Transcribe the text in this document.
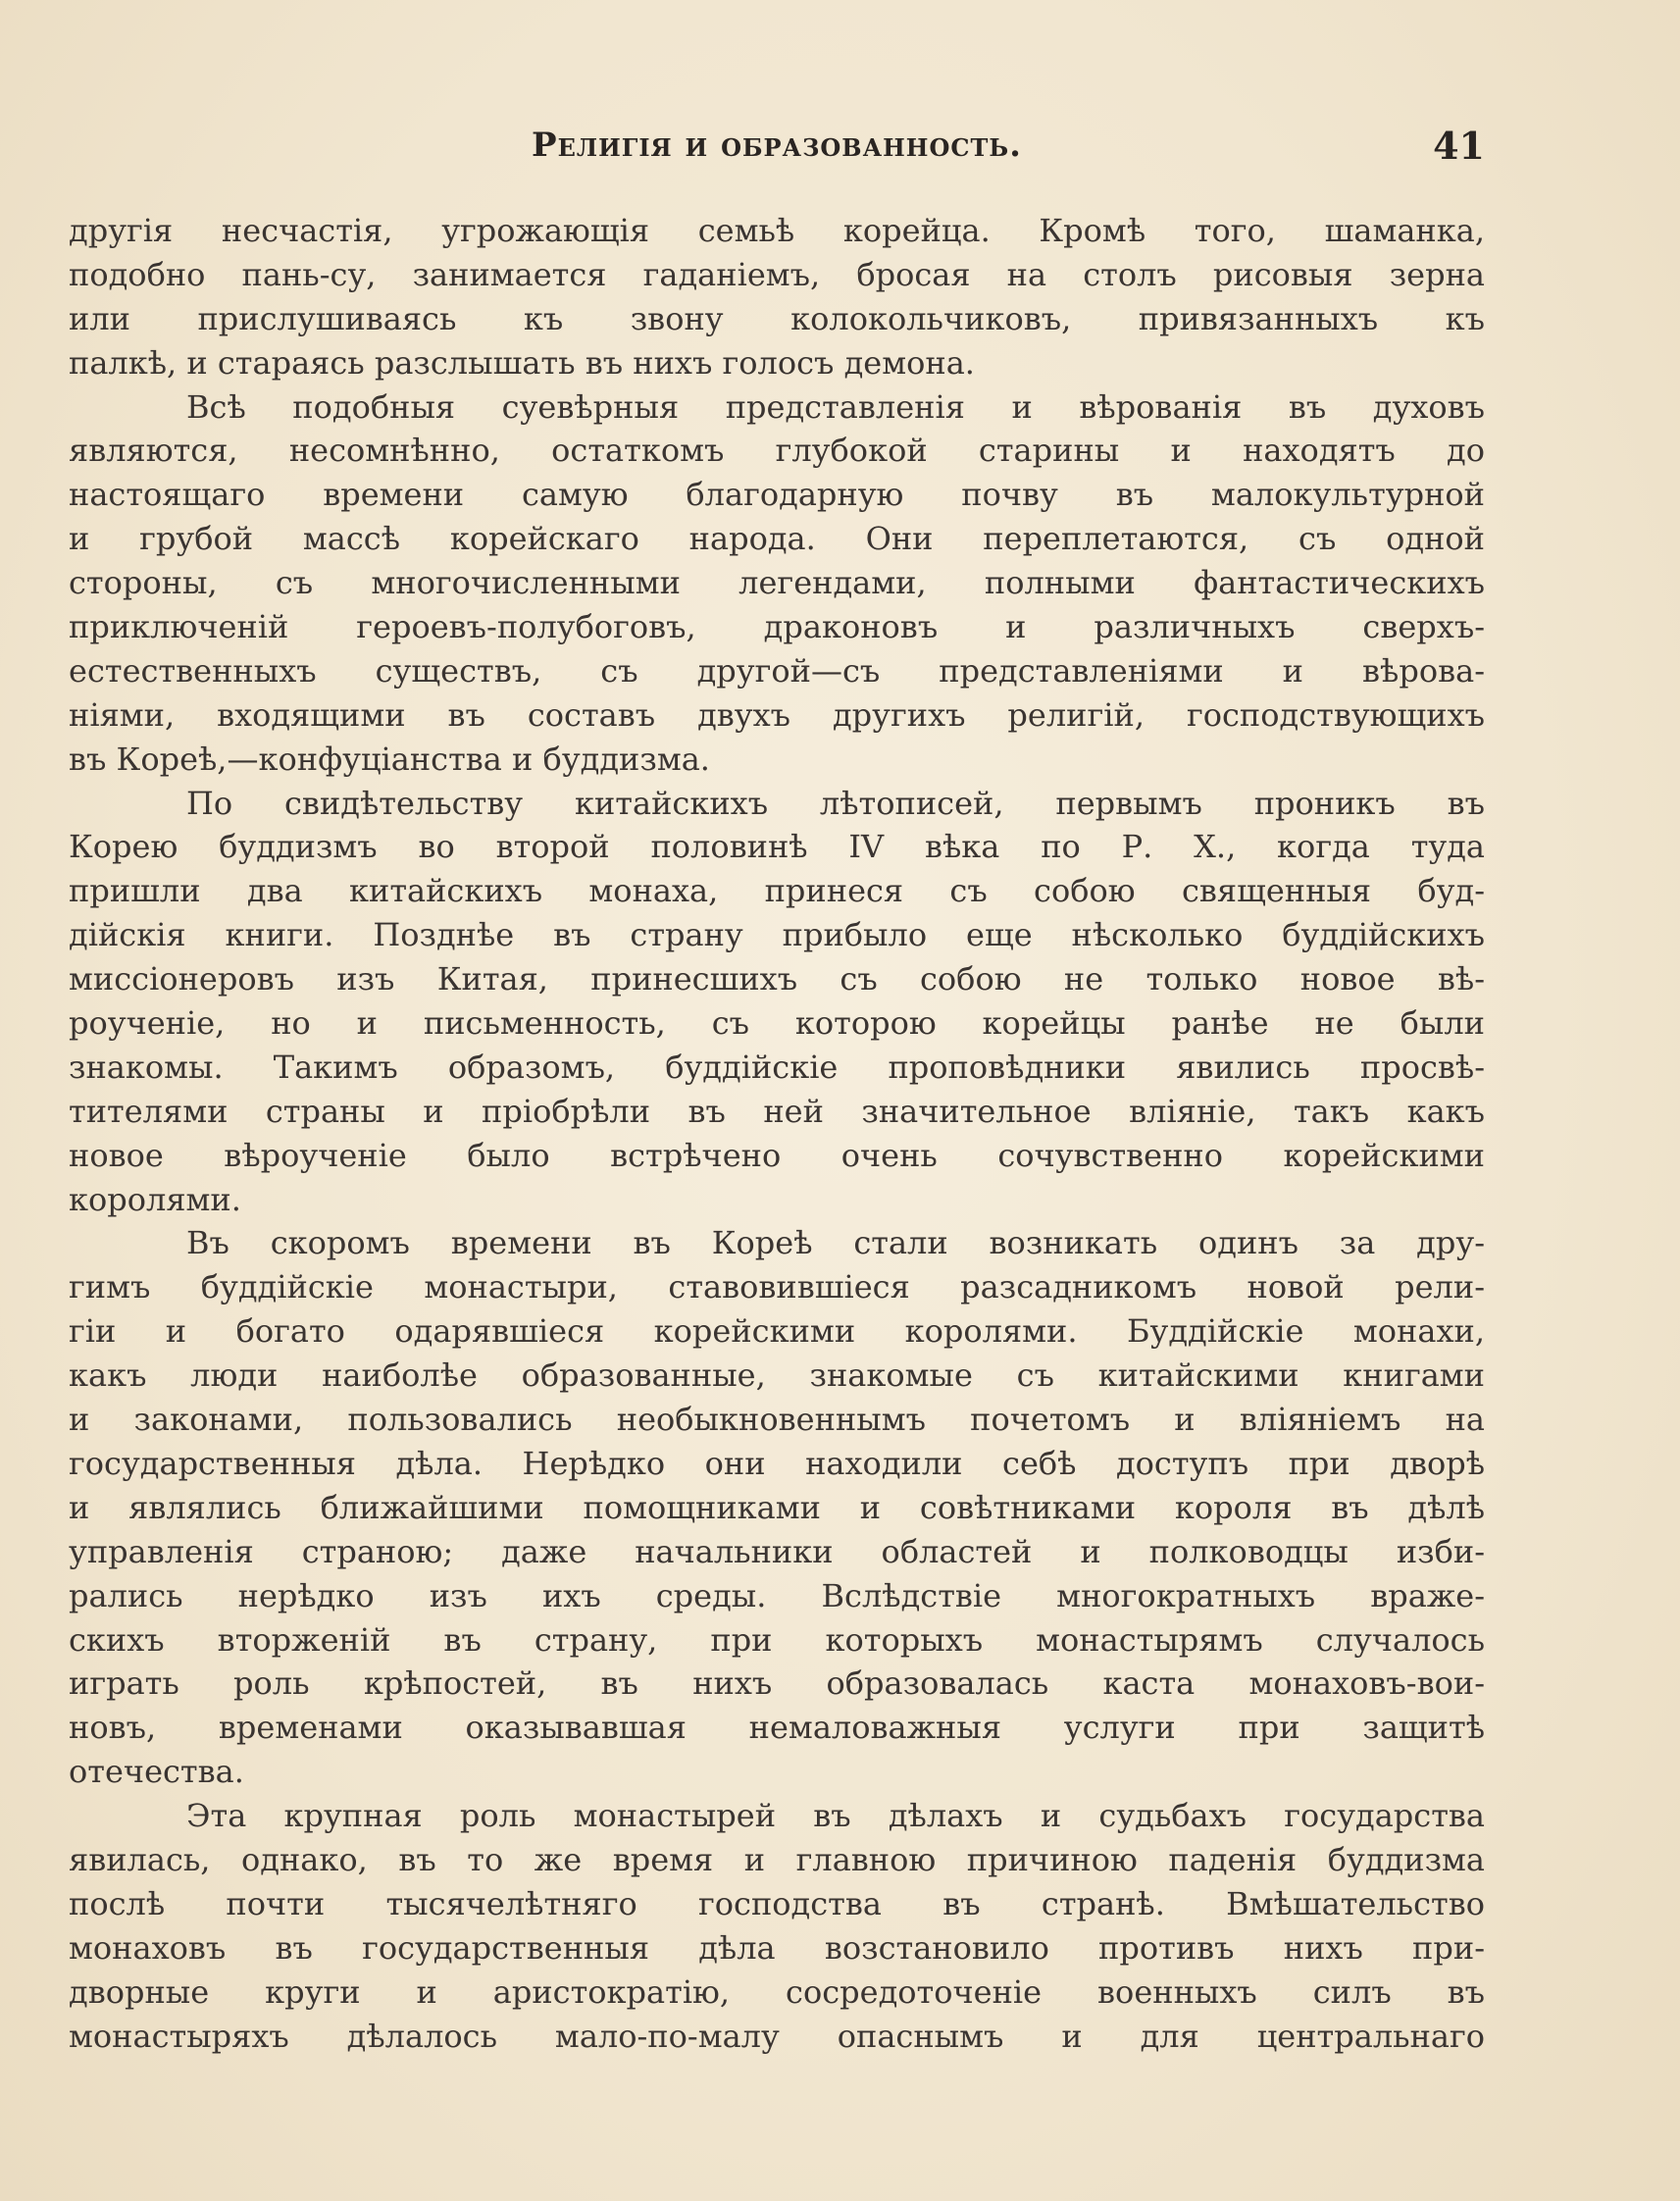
Религія и образованность.	41
другія несчастія, угрожающія семьѣ корейца. Кромѣ того, шаманка,
подобно пань-су, занимается гаданіемъ, бросая на столъ рисовыя зерна
или прислушиваясь къ звону колокольчиковъ, привязанныхъ къ
палкѣ, и стараясь разслышать въ нихъ голосъ демона.
Всѣ подобныя суевѣрныя представленія и вѣрованія въ духовъ
являются, несомнѣнно, остаткомъ глубокой старины и находятъ до
настоящаго времени самую благодарную почву въ малокультурной
и грубой массѣ корейскаго народа. Они переплетаются, съ одной
стороны, съ многочисленными легендами, полными фантастическихъ
приключеній героевъ-полубоговъ, драконовъ и различныхъ сверхъ-
естественныхъ существъ, съ другой—съ представленіями и вѣрова-
ніями, входящими въ составъ двухъ другихъ религій, господствующихъ
въ Кореѣ,—конфуціанства и буддизма.
По свидѣтельству китайскихъ лѣтописей, первымъ проникъ въ
Корею буддизмъ во второй половинѣ IV вѣка по Р. Х., когда туда
пришли два китайскихъ монаха, принеся съ собою священныя буд-
дійскія книги. Позднѣе въ страну прибыло еще нѣсколько буддійскихъ
миссіонеровъ изъ Китая, принесшихъ съ собою не только новое вѣ-
роученіе, но и письменность, съ которою корейцы ранѣе не были
знакомы. Такимъ образомъ, буддійскіе проповѣдники явились просвѣ-
тителями страны и пріобрѣли въ ней значительное вліяніе, такъ какъ
новое вѣроученіе было встрѣчено очень сочувственно корейскими
королями.
Въ скоромъ времени въ Кореѣ стали возникать одинъ за дру-
гимъ буддійскіе монастыри, ставовившіеся разсадникомъ новой рели-
гіи и богато одарявшіеся корейскими королями. Буддійскіе монахи,
какъ люди наиболѣе образованные, знакомые съ китайскими книгами
и законами, пользовались необыкновеннымъ почетомъ и вліяніемъ на
государственныя дѣла. Нерѣдко они находили себѣ доступъ при дворѣ
и являлись ближайшими помощниками и совѣтниками короля въ дѣлѣ
управленія страною; даже начальники областей и полководцы изби-
рались нерѣдко изъ ихъ среды. Вслѣдствіе многократныхъ враже-
скихъ вторженій въ страну, при которыхъ монастырямъ случалось
играть роль крѣпостей, въ нихъ образовалась каста монаховъ-вои-
новъ, временами оказывавшая немаловажныя услуги при защитѣ
отечества.
Эта крупная роль монастырей въ дѣлахъ и судьбахъ государства
явилась, однако, въ то же время и главною причиною паденія буддизма
послѣ почти тысячелѣтняго господства въ странѣ. Вмѣшательство
монаховъ въ государственныя дѣла возстановило противъ нихъ при-
дворные круги и аристократію, сосредоточеніе военныхъ силъ въ
монастыряхъ дѣлалось мало-по-малу опаснымъ и для центральнаго
